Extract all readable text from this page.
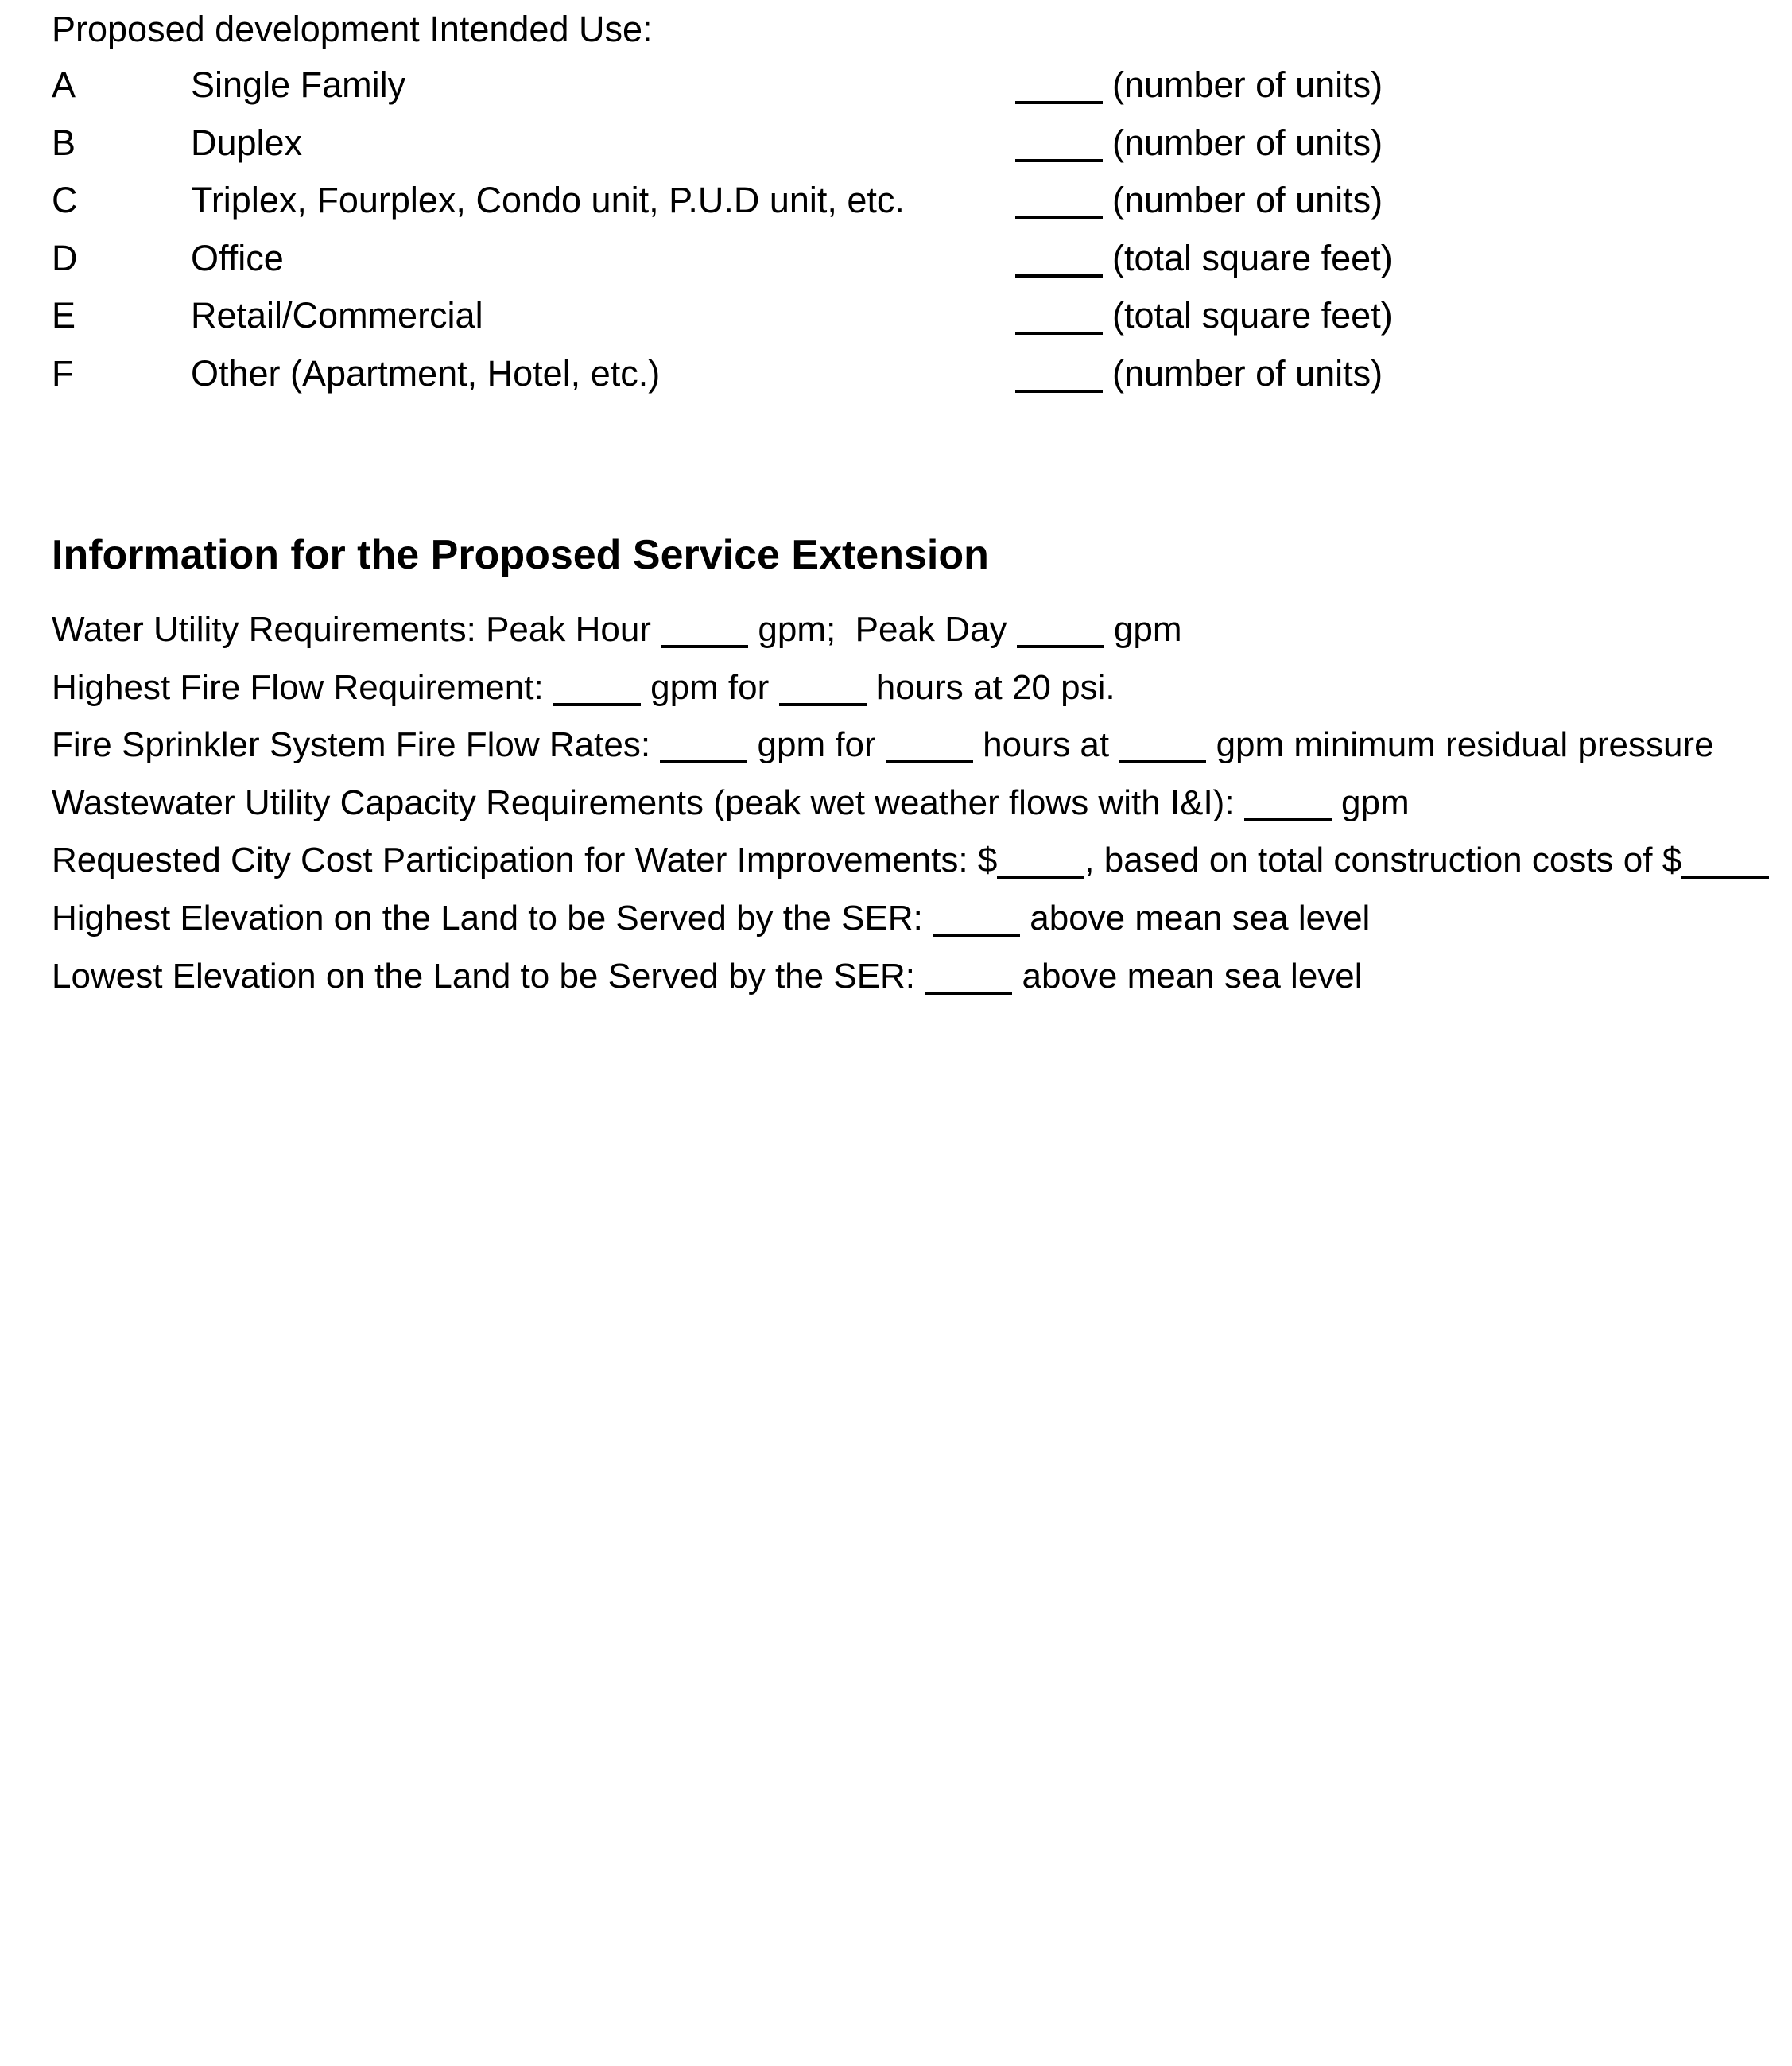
Proposed development Intended Use:
A	Single Family	(number of units)
B	Duplex	(number of units)
C	Triplex, Fourplex, Condo unit, P.U.D unit, etc.	(number of units)
D	Office	(total square feet)
E	Retail/Commercial	(total square feet)
F	Other (Apartment, Hotel, etc.)	(number of units)
Information for the Proposed Service Extension
Water Utility Requirements: Peak Hour	gpm;  Peak Day	gpm
Highest Fire Flow Requirement:	gpm for	hours at 20 psi.
Fire Sprinkler System Fire Flow Rates:	gpm for	hours at	gpm minimum residual pressure
Wastewater Utility Capacity Requirements (peak wet weather flows with I&I):	gpm
Requested City Cost Participation for Water Improvements: $	, based on total construction costs of $
Highest Elevation on the Land to be Served by the SER:	above mean sea level
Lowest Elevation on the Land to be Served by the SER:	above mean sea level
